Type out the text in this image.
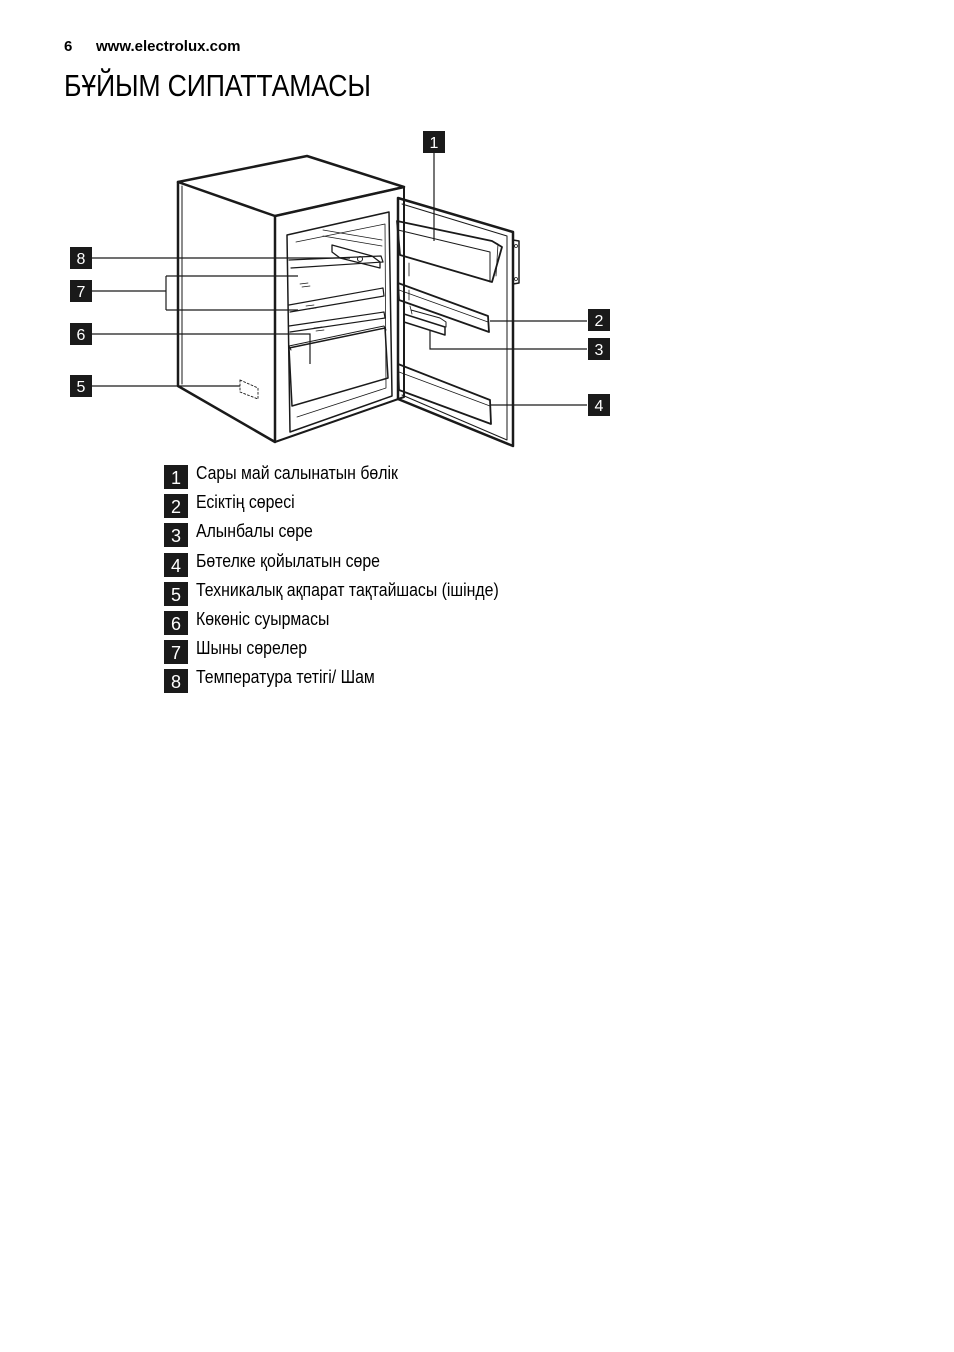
6 www.electrolux.com
БҰЙЫМ СИПАТТАМАСЫ
1
2
3
4
5
6
7
8
1 Сары май салынатын бөлік
2 Есіктің сөресі
3 Алынбалы сөре
4 Бөтелке қойылатын сөре
5 Техникалық ақпарат тақтайшасы (ішінде)
6 Көкөніс суырмасы
7 Шыны сөрелер
8 Температура тетігі/ Шам
